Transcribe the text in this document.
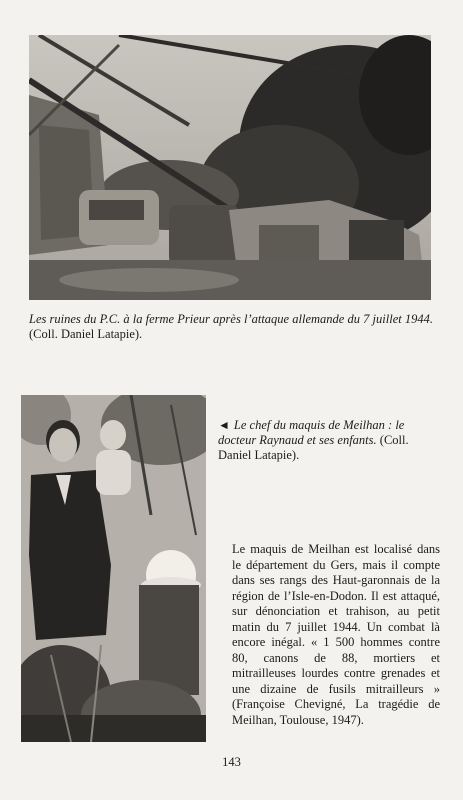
Les ruines du P.C. à la ferme Prieur après l’attaque allemande du 7 juillet 1944. (Coll. Daniel Latapie).
◄ Le chef du maquis de Meilhan : le docteur Raynaud et ses enfants. (Coll. Daniel Latapie).
Le maquis de Meilhan est localisé dans le département du Gers, mais il compte dans ses rangs des Haut-garonnais de la région de l’Isle-en-Dodon. Il est attaqué, sur dénonciation et trahison, au petit matin du 7 juillet 1944. Un combat là encore inégal. « 1 500 hommes contre 80, canons de 88, mortiers et mitrailleuses lourdes contre grenades et une dizaine de fusils mitrailleurs » (Françoise Chevigné, La tragédie de Meilhan, Toulouse, 1947).
143
